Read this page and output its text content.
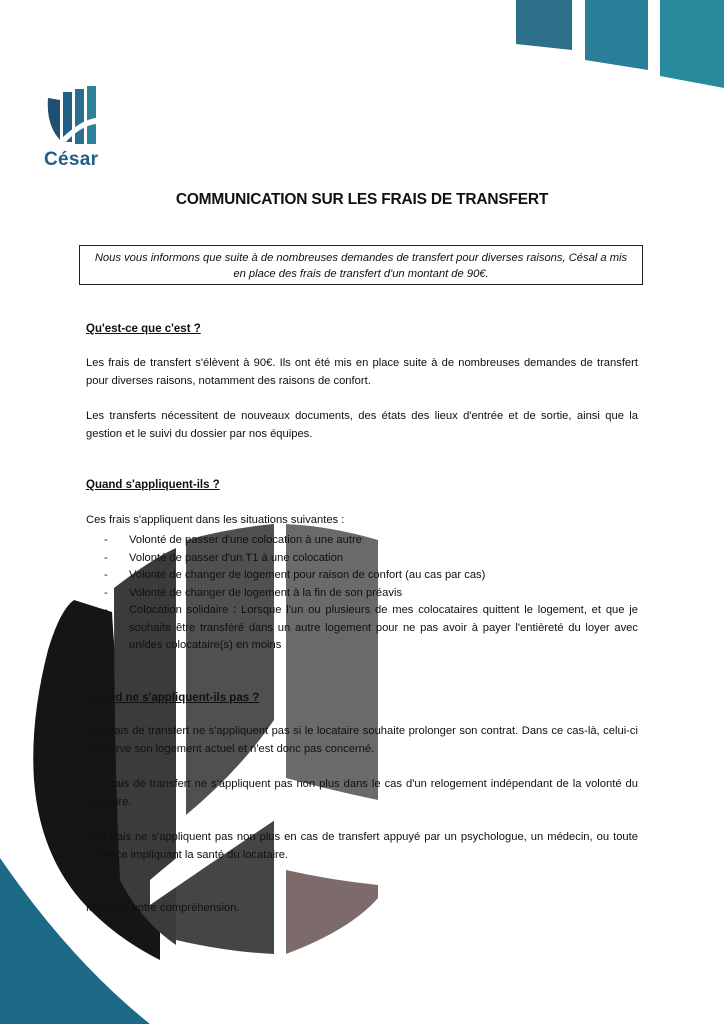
César
COMMUNICATION SUR LES FRAIS DE TRANSFERT
Nous vous informons que suite à de nombreuses demandes de transfert pour diverses raisons, Césal a mis en place des frais de transfert d'un montant de 90€.
Qu'est-ce que c'est ?
Les frais de transfert s'élèvent à 90€. Ils ont été mis en place suite à de nombreuses demandes de transfert pour diverses raisons, notamment des raisons de confort.
Les transferts nécessitent de nouveaux documents, des états des lieux d'entrée et de sortie, ainsi que la gestion et le suivi du dossier par nos équipes.
Quand s'appliquent-ils ?
Ces frais s'appliquent dans les situations suivantes :
- Volonté de passer d'une colocation à une autre
- Volonté de passer d'un T1 à une colocation
- Volonté de changer de logement pour raison de confort (au cas par cas)
- Volonté de changer de logement à la fin de son préavis
- Colocation solidaire : Lorsque l'un ou plusieurs de mes colocataires quittent le logement, et que je souhaite être transféré dans un autre logement pour ne pas avoir à payer l'entièreté du loyer avec un/des colocataire(s) en moins
Quand ne s'appliquent-ils pas ?
Les frais de transfert ne s'appliquent pas si le locataire souhaite prolonger son contrat. Dans ce cas-là, celui-ci conserve son logement actuel et n'est donc pas concerné.
Les frais de transfert ne s'appliquent pas non plus dans le cas d'un relogement indépendant de la volonté du locataire.
Ces frais ne s'appliquent pas non plus en cas de transfert appuyé par un psychologue, un médecin, ou toute instance impliquant la santé du locataire.
Merci de votre compréhension.
